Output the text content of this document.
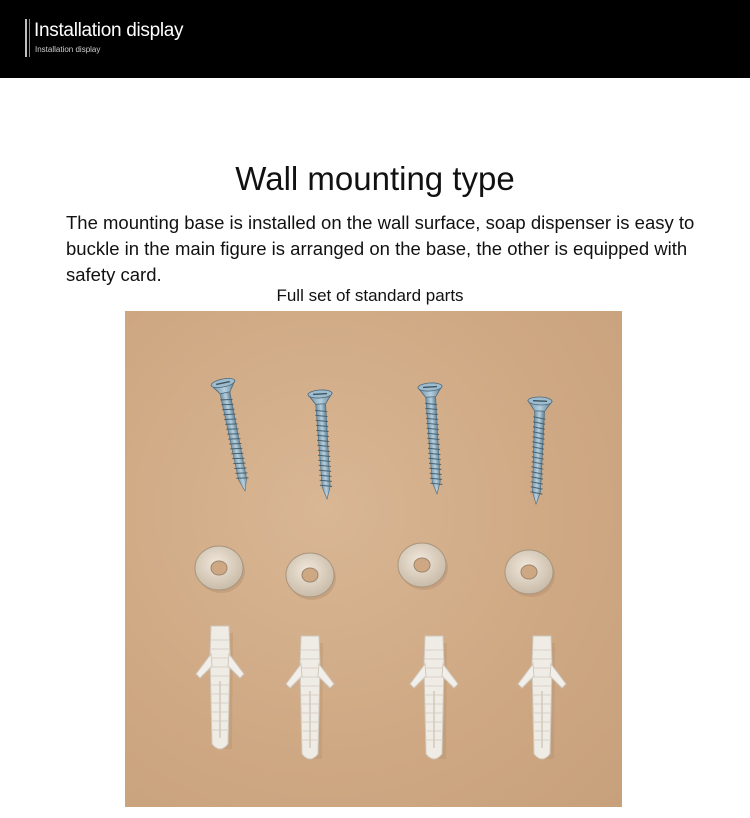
Installation display
Installation display
Wall mounting type
The mounting base is installed on the wall surface, soap dispenser is easy to buckle in the main figure is arranged on the base, the other is equipped with safety card.
Full set of standard parts
